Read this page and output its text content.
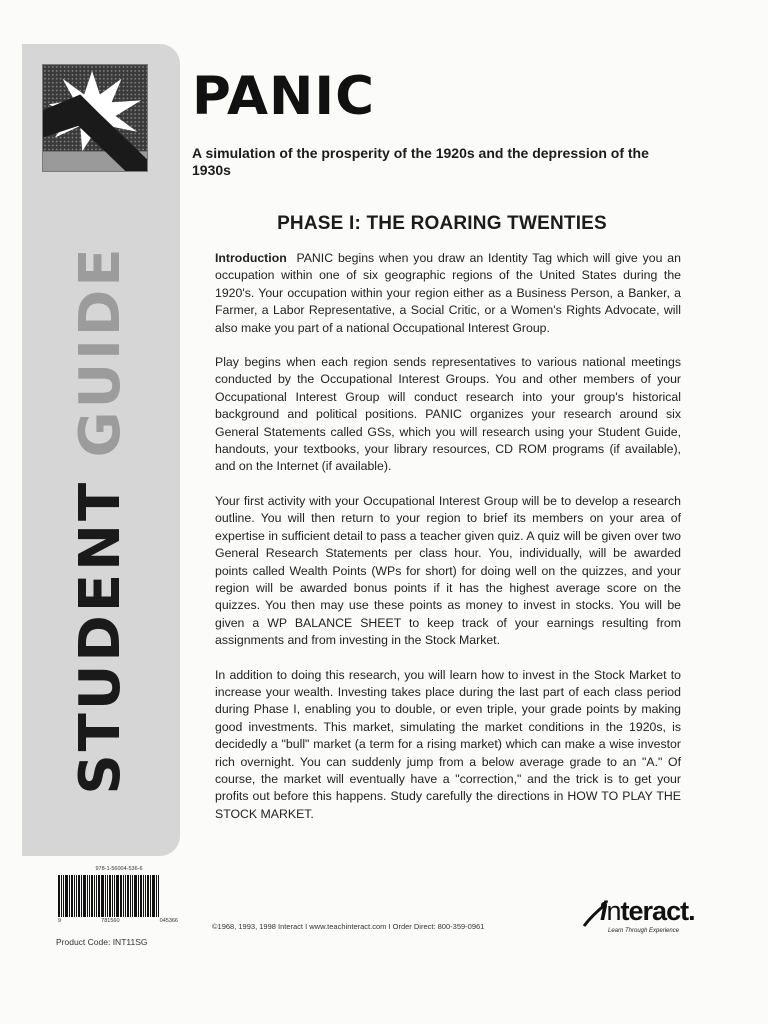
STUDENT GUIDE
PANIC

A simulation of the prosperity of the 1920s and the depression of the 1930s

PHASE I: THE ROARING TWENTIES

Introduction PANIC begins when you draw an Identity Tag which will give you an occupation within one of six geographic regions of the United States during the 1920's. Your occupation within your region either as a Business Person, a Banker, a Farmer, a Labor Representative, a Social Critic, or a Women's Rights Advocate, will also make you part of a national Occupational Interest Group.

Play begins when each region sends representatives to various national meetings conducted by the Occupational Interest Groups. You and other members of your Occupational Interest Group will conduct research into your group's historical background and political positions. PANIC organizes your research around six General Statements called GSs, which you will research using your Student Guide, handouts, your textbooks, your library resources, CD ROM programs (if available), and on the Internet (if available).

Your first activity with your Occupational Interest Group will be to develop a research outline. You will then return to your region to brief its members on your area of expertise in sufficient detail to pass a teacher given quiz. A quiz will be given over two General Research Statements per class hour. You, individually, will be awarded points called Wealth Points (WPs for short) for doing well on the quizzes, and your region will be awarded bonus points if it has the highest average score on the quizzes. You then may use these points as money to invest in stocks. You will be given a WP BALANCE SHEET to keep track of your earnings resulting from assignments and from investing in the Stock Market.

In addition to doing this research, you will learn how to invest in the Stock Market to increase your wealth. Investing takes place during the last part of each class period during Phase I, enabling you to double, or even triple, your grade points by making good investments. This market, simulating the market conditions in the 1920s, is decidedly a "bull" market (a term for a rising market) which can make a wise investor rich overnight. You can suddenly jump from a below average grade to an "A." Of course, the market will eventually have a "correction," and the trick is to get your profits out before this happens. Study carefully the directions in HOW TO PLAY THE STOCK MARKET.

978-1-56004-536-6
9	781560	045366
Product Code: INT11SG
©1968, 1993, 1998 Interact I www.teachinteract.com I Order Direct: 800-359-0961
interact.
Learn Through Experience
